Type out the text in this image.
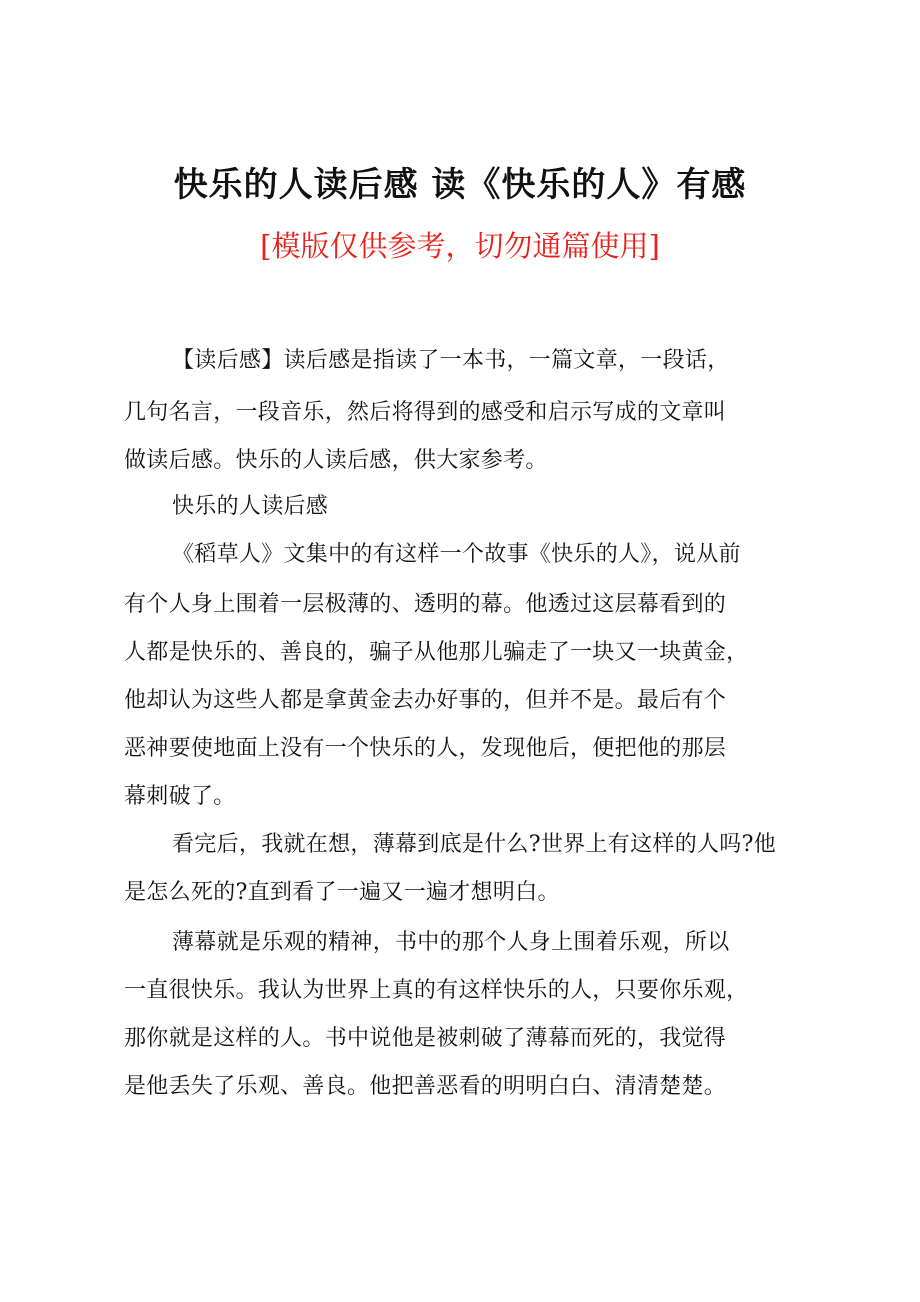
快乐的人读后感 读《快乐的人》有感
[模版仅供参考，切勿通篇使用]
【读后感】读后感是指读了一本书，一篇文章，一段话，
几句名言，一段音乐，然后将得到的感受和启示写成的文章叫
做读后感。快乐的人读后感，供大家参考。
快乐的人读后感
《稻草人》文集中的有这样一个故事《快乐的人》，说从前
有个人身上围着一层极薄的、透明的幕。他透过这层幕看到的
人都是快乐的、善良的，骗子从他那儿骗走了一块又一块黄金，
他却认为这些人都是拿黄金去办好事的，但并不是。最后有个
恶神要使地面上没有一个快乐的人，发现他后，便把他的那层
幕刺破了。
看完后，我就在想，薄幕到底是什么?世界上有这样的人吗?他
是怎么死的?直到看了一遍又一遍才想明白。
薄幕就是乐观的精神，书中的那个人身上围着乐观，所以
一直很快乐。我认为世界上真的有这样快乐的人，只要你乐观，
那你就是这样的人。书中说他是被刺破了薄幕而死的，我觉得
是他丢失了乐观、善良。他把善恶看的明明白白、清清楚楚。
